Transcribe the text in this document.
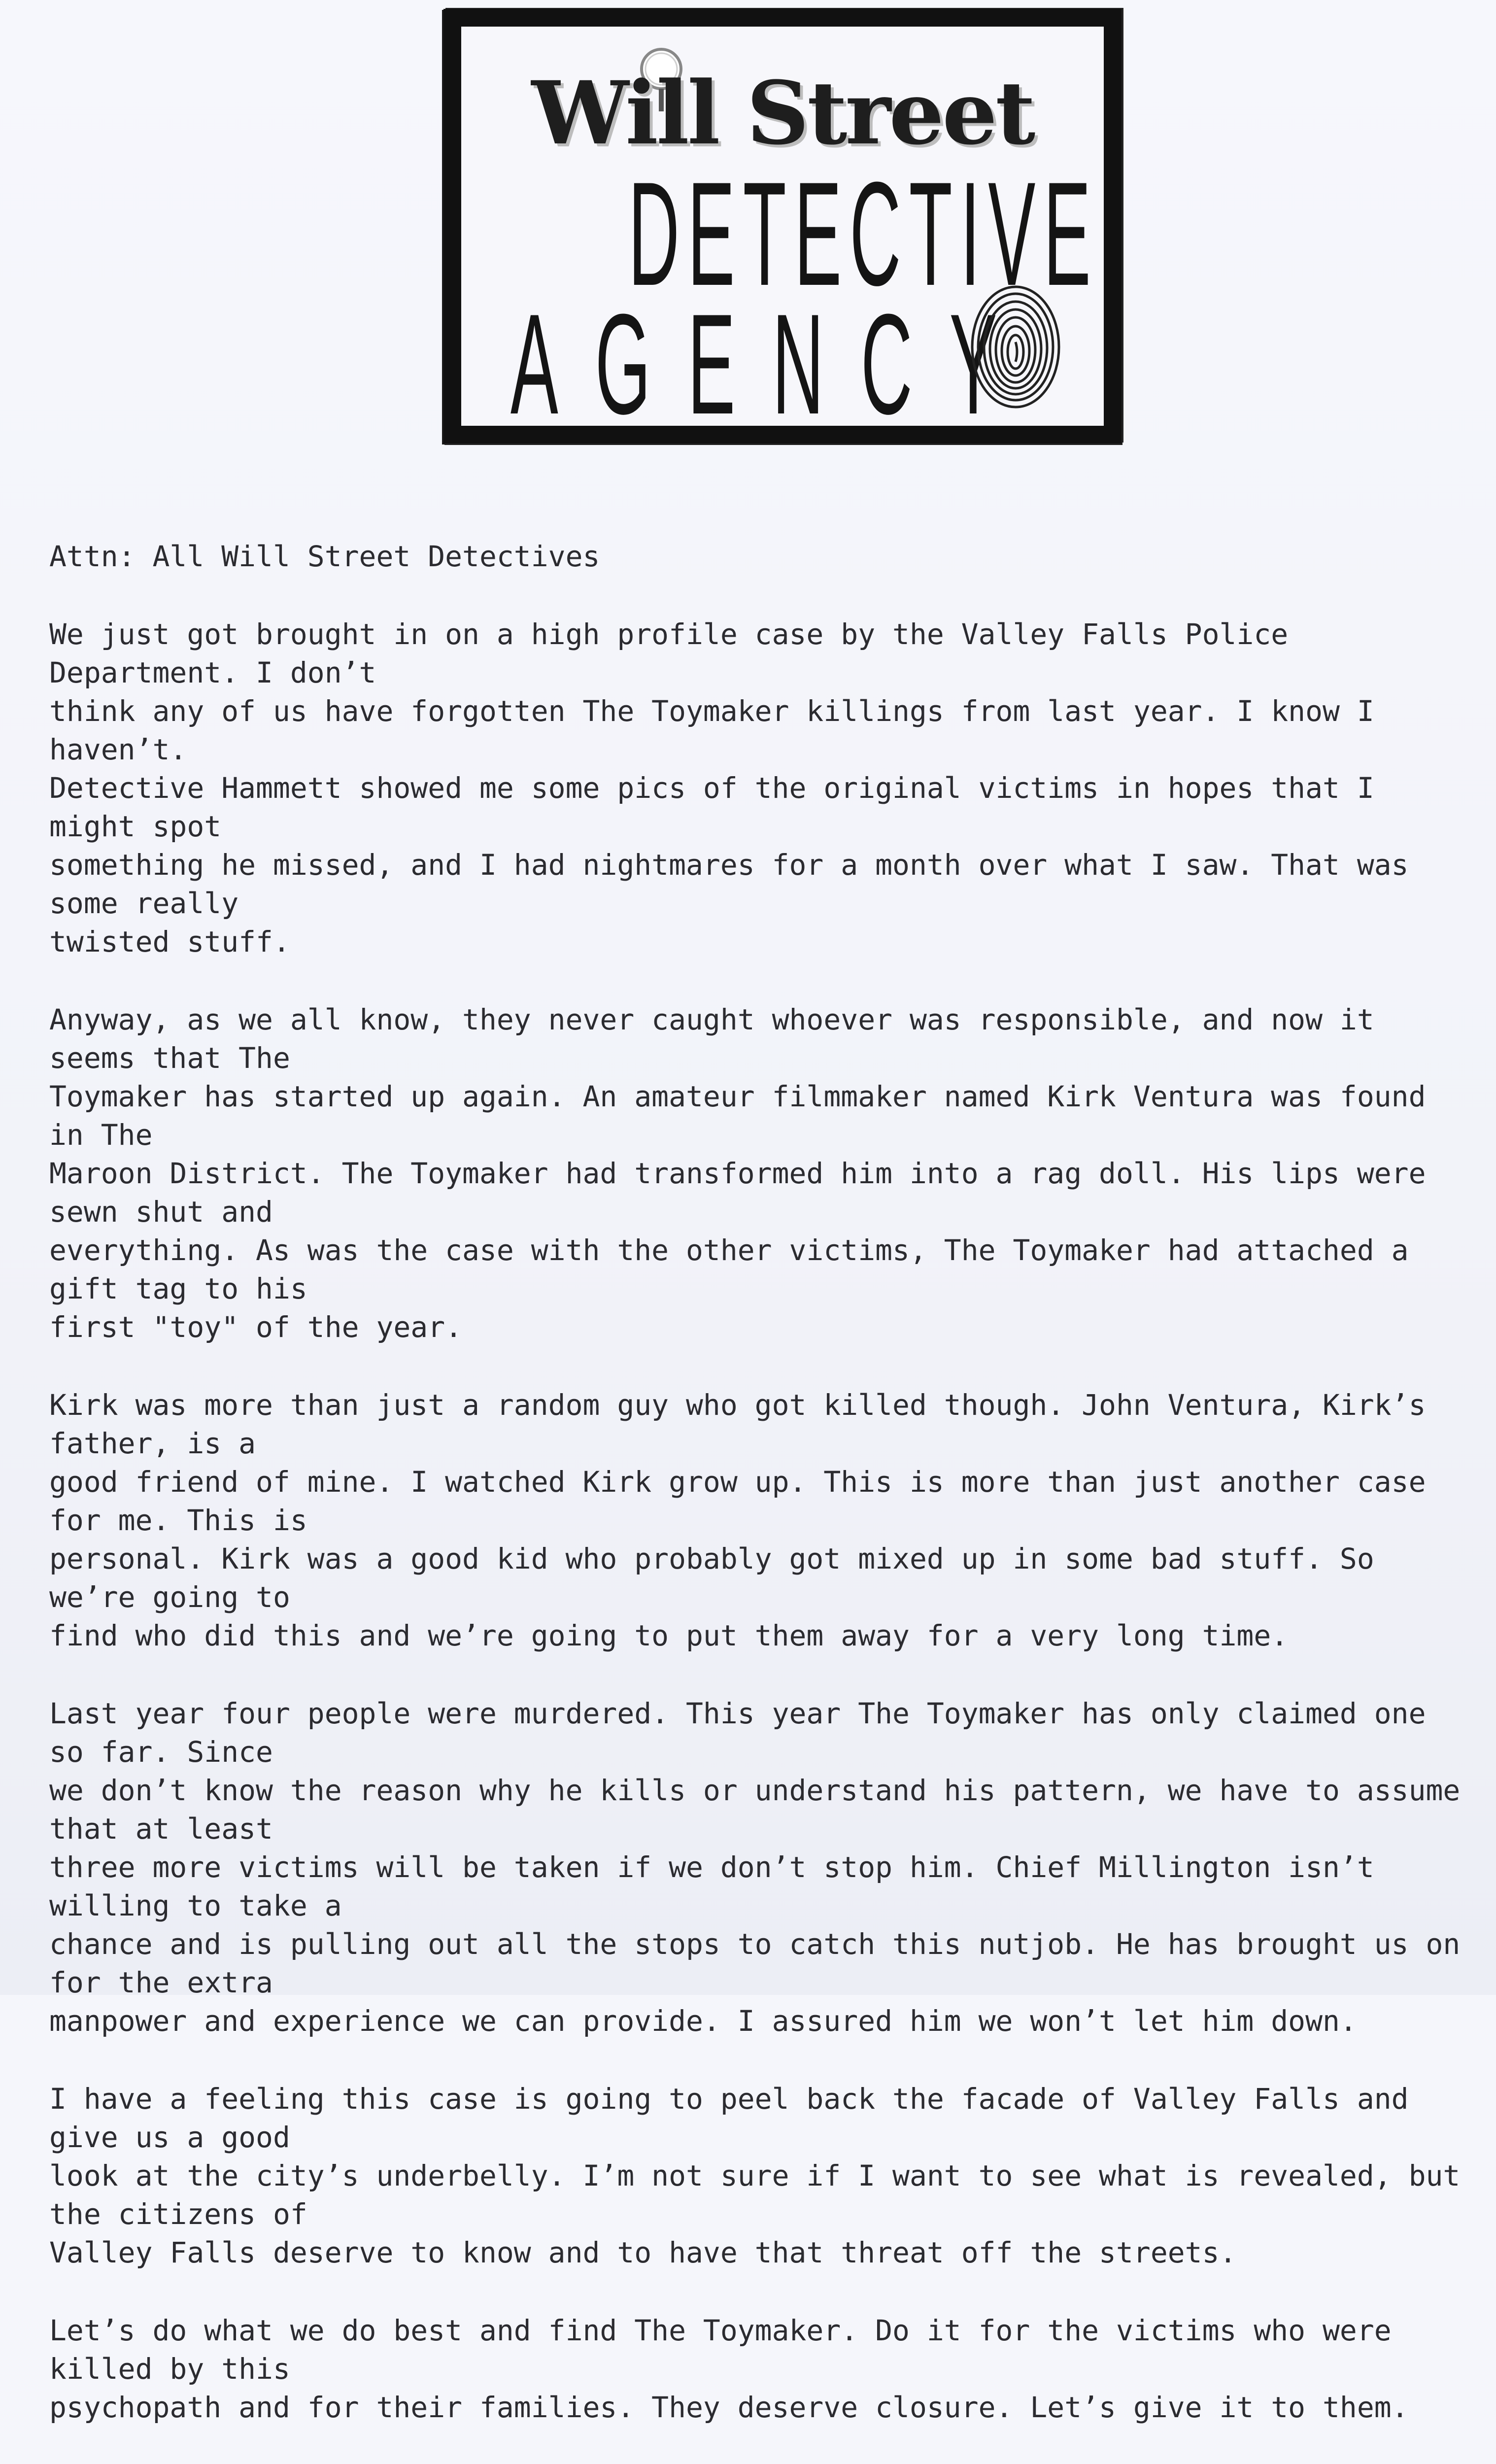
Will Street
DETECTIVE
AGENCY

Attn: All Will Street Detectives

We just got brought in on a high profile case by the Valley Falls Police Department. I don’t
think any of us have forgotten The Toymaker killings from last year. I know I haven’t.
Detective Hammett showed me some pics of the original victims in hopes that I might spot
something he missed, and I had nightmares for a month over what I saw. That was some really
twisted stuff.

Anyway, as we all know, they never caught whoever was responsible, and now it seems that The
Toymaker has started up again. An amateur filmmaker named Kirk Ventura was found in The
Maroon District. The Toymaker had transformed him into a rag doll. His lips were sewn shut and
everything. As was the case with the other victims, The Toymaker had attached a gift tag to his
first "toy" of the year.

Kirk was more than just a random guy who got killed though. John Ventura, Kirk’s father, is a
good friend of mine. I watched Kirk grow up. This is more than just another case for me. This is
personal. Kirk was a good kid who probably got mixed up in some bad stuff. So we’re going to
find who did this and we’re going to put them away for a very long time.

Last year four people were murdered. This year The Toymaker has only claimed one so far. Since
we don’t know the reason why he kills or understand his pattern, we have to assume that at least
three more victims will be taken if we don’t stop him. Chief Millington isn’t willing to take a
chance and is pulling out all the stops to catch this nutjob. He has brought us on for the extra
manpower and experience we can provide. I assured him we won’t let him down.

I have a feeling this case is going to peel back the facade of Valley Falls and give us a good
look at the city’s underbelly. I’m not sure if I want to see what is revealed, but the citizens of
Valley Falls deserve to know and to have that threat off the streets.

Let’s do what we do best and find The Toymaker. Do it for the victims who were killed by this
psychopath and for their families. They deserve closure. Let’s give it to them.
